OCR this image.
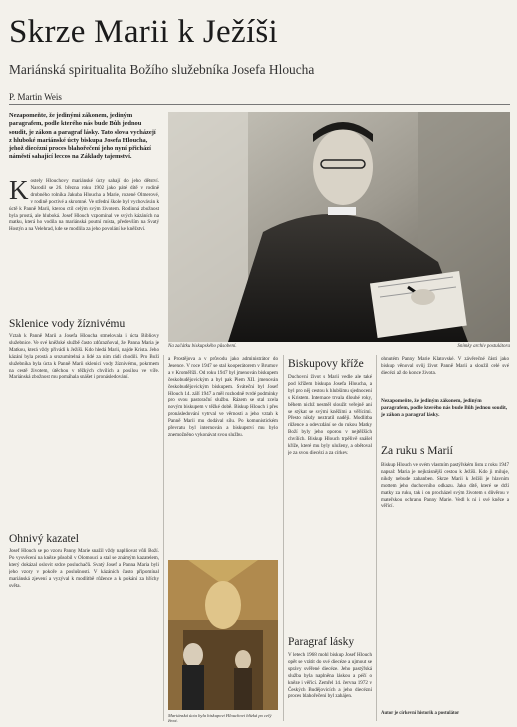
Skrze Marii k Ježíši
Mariánská spiritualita Božího služebníka Josefa Hloucha
P. Martin Weis
Nezapomeňte, že jedinými zákonem, jediným paragrafem, podle kterého nás bude Bůh jednou soudit, je zákon a paragraf lásky. Tato slova vycházejí z hluboké mariánské úcty biskupa Josefa Hloucha, jehož diecézní proces blahořečení jeho nyní přichází náměstí sahající leccos na Základy tajemství.
Na začátku biskupského působení.	Snímky archiv postulátora
K ostely Hlouchovy mariánské úcty sahají do jeho dětství. Narodil se 26. března roku 1902 jako páté dítě v rodině drobného rolníka Jakuba Hloucha a Marie, rozené Olmerové, v rodině poctivé a skromné. Ve střední škole byl vychováván k úctě k Panně Marii, kterou ctil celým svým životem. Rodinná zbožnost byla prostá, ale hluboká. Josef Hlouch vzpomínal ve svých kázáních na matku, která ho vodila na mariánská poutní místa, především na Svatý Hostýn a na Velehrad, kde se modlila za jeho povolání ke kněžství.
Sklenice vody žíznivému
Vztah k Panně Marii a Josefa Hloucha stmelovala i úcta Bibliovy služebnice. Ve své kněžské službě často zdůrazňoval, že Panna Maria je Matkou, která vždy přivádí k Ježíši. Kdo hledá Marii, najde Krista. Jeho kázání byla prostá a srozumitelná a lidé za ním rádi chodili. Pro Boží služebníka byla úcta k Panně Marii sklenicí vody žíznivému, pokrmem na cestě životem, útěchou v těžkých chvílích a posilou ve víře. Mariánská zbožnost mu pomáhala snášet i pronásledování.
Ohnivý kazatel
Josef Hlouch se po vzoru Panny Marie snažil vždy naplňovat vůli Boží. Po vysvěcení na kněze působil v Olomouci a stal se známým kazatelem, který dokázal oslovit srdce posluchačů. Svatý Josef a Panna Maria byli jeho vzory v pokoře a poslušnosti. V kázáních často připomínal mariánská zjevení a vyzýval k modlitbě růžence a k pokání za hříchy světa.
a Prostějova a v průvodu jako administrátor do Jesence. V roce 1947 se stal kooperátorem v Brumov a v Kroměříži. Od roku 1947 byl jmenován biskupem českobudějovickým a byl pak Piem XII. jmenován českobudějovickým biskupem. Sváteční byl Josef Hlouch 14. září 1947 a měl rozhodně tvrdé podmínky pro svou pastorační službu. Rázem se stal zcela novým biskupem v těžké době. Biskup Hlouch i přes pronásledování vytrval ve věrnosti a jeho vztah k Panně Marii mu dodával sílu. Po komunistickém převratu byl internován a biskupství mu bylo znemožněno vykonávat svou službu.
Mariánská úcta byla biskupovi Hlouchovi blízká po celý život.
Biskupovy kříže
Duchovní život s Marií vedle ale také pod křížem biskupa Josefa Hloucha, a byl pro něj cestou k hlubšímu sjednocení s Kristem. Internace trvala dlouhé roky, během nichž nesměl sloužit veřejně ani se stýkat se svými kněžími a věřícími. Přesto nikdy neztratil naději. Modlitba růžence a odevzdání se do rukou Matky Boží byly jeho oporou v nejtěžších chvílích. Biskup Hlouch trpělivě snášel kříže, které mu byly uloženy, a obětoval je za svou diecézi a za církev.
Paragraf lásky
V letech 1968 mohl biskup Josef Hlouch opět se vrátit do své diecéze a ujmout se správy svěřené diecéze. Jeho pastýřská služba byla naplněna láskou a péčí o kněze i věřící. Zemřel 14. června 1972 v Českých Budějovicích a jeho diecézní proces blahořečení byl zahájen.
ohnutém Panny Marie Klatovské. V závěrečné části jako biskup věnoval svůj život Panně Marii a sloužil celé své diecézi až do konce života.
Nezapomeňte, že jediným zákonem, jediným paragrafem, podle kterého nás bude Bůh jednou soudit, je zákon a paragraf lásky.
Za ruku s Marií
Biskup Hlouch ve svém vlastním pastýřském listu z roku 1947 napsal: Maria je nejkrásnější cestou k Ježíši. Kdo ji miluje, nikdy nebude zahanben. Skrze Marii k Ježíši je hlavním mottem jeho duchovního odkazu. Jako dítě, které se drží matky za ruku, tak i on procházel svým životem s důvěrou v mateřskou ochranu Panny Marie. Vedl k ní i své kněze a věřící.
Autor je církevní historik a postulátor
